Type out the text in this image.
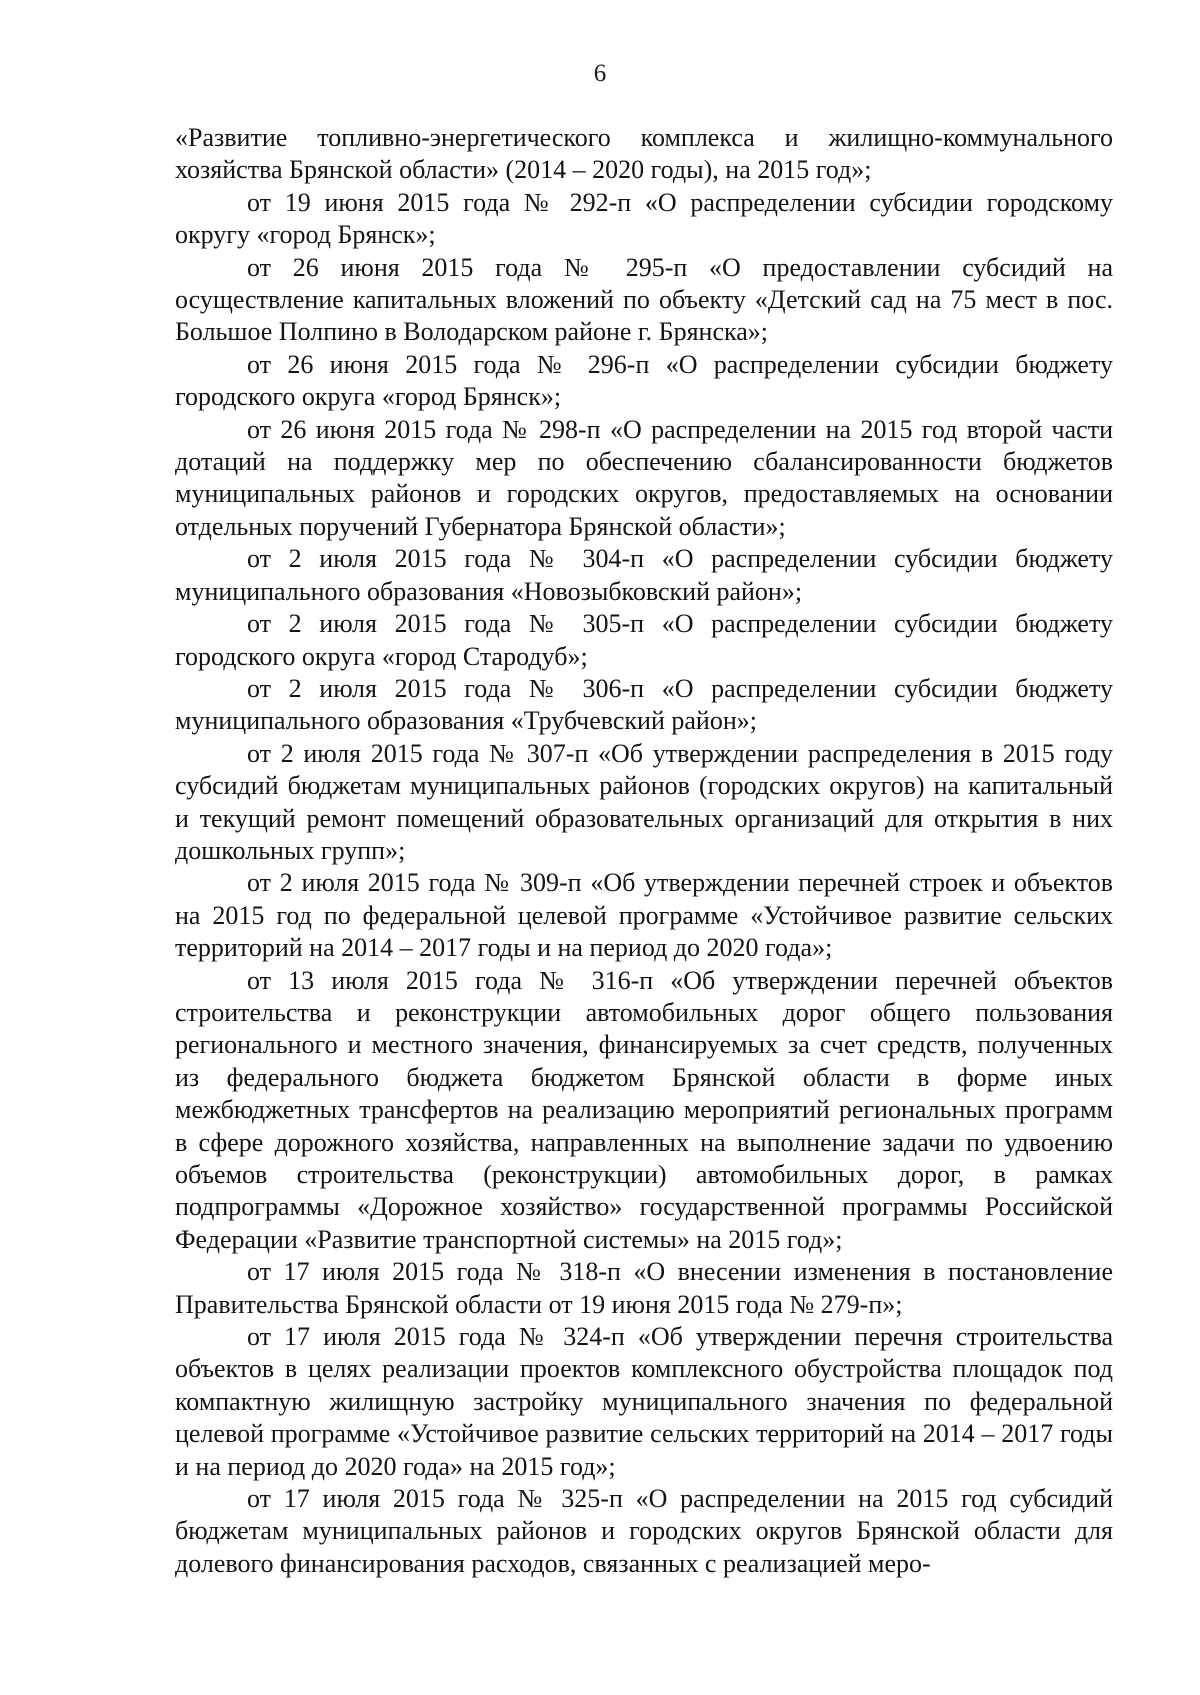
6

«Развитие топливно-энергетического комплекса и жилищно-коммунального хозяйства Брянской области» (2014 – 2020 годы), на 2015 год»;

от 19 июня 2015 года № 292-п «О распределении субсидии городскому округу «город Брянск»;

от 26 июня 2015 года № 295-п «О предоставлении субсидий на осуществление капитальных вложений по объекту «Детский сад на 75 мест в пос. Большое Полпино в Володарском районе г. Брянска»;

от 26 июня 2015 года № 296-п «О распределении субсидии бюджету городского округа «город Брянск»;

от 26 июня 2015 года № 298-п «О распределении на 2015 год второй части дотаций на поддержку мер по обеспечению сбалансированности бюджетов муниципальных районов и городских округов, предоставляемых на основании отдельных поручений Губернатора Брянской области»;

от 2 июля 2015 года № 304-п «О распределении субсидии бюджету муниципального образования «Новозыбковский район»;

от 2 июля 2015 года № 305-п «О распределении субсидии бюджету городского округа «город Стародуб»;

от 2 июля 2015 года № 306-п «О распределении субсидии бюджету муниципального образования «Трубчевский район»;

от 2 июля 2015 года № 307-п «Об утверждении распределения в 2015 году субсидий бюджетам муниципальных районов (городских округов) на капитальный и текущий ремонт помещений образовательных организаций для открытия в них дошкольных групп»;

от 2 июля 2015 года № 309-п «Об утверждении перечней строек и объектов на 2015 год по федеральной целевой программе «Устойчивое развитие сельских территорий на 2014 – 2017 годы и на период до 2020 года»;

от 13 июля 2015 года № 316-п «Об утверждении перечней объектов строительства и реконструкции автомобильных дорог общего пользования регионального и местного значения, финансируемых за счет средств, полученных из федерального бюджета бюджетом Брянской области в форме иных межбюджетных трансфертов на реализацию мероприятий региональных программ в сфере дорожного хозяйства, направленных на выполнение задачи по удвоению объемов строительства (реконструкции) автомобильных дорог, в рамках подпрограммы «Дорожное хозяйство» государственной программы Российской Федерации «Развитие транспортной системы» на 2015 год»;

от 17 июля 2015 года № 318-п «О внесении изменения в постановление Правительства Брянской области от 19 июня 2015 года № 279-п»;

от 17 июля 2015 года № 324-п «Об утверждении перечня строительства объектов в целях реализации проектов комплексного обустройства площадок под компактную жилищную застройку муниципального значения по федеральной целевой программе «Устойчивое развитие сельских территорий на 2014 – 2017 годы и на период до 2020 года» на 2015 год»;

от 17 июля 2015 года № 325-п «О распределении на 2015 год субсидий бюджетам муниципальных районов и городских округов Брянской области для долевого финансирования расходов, связанных с реализацией меро-
